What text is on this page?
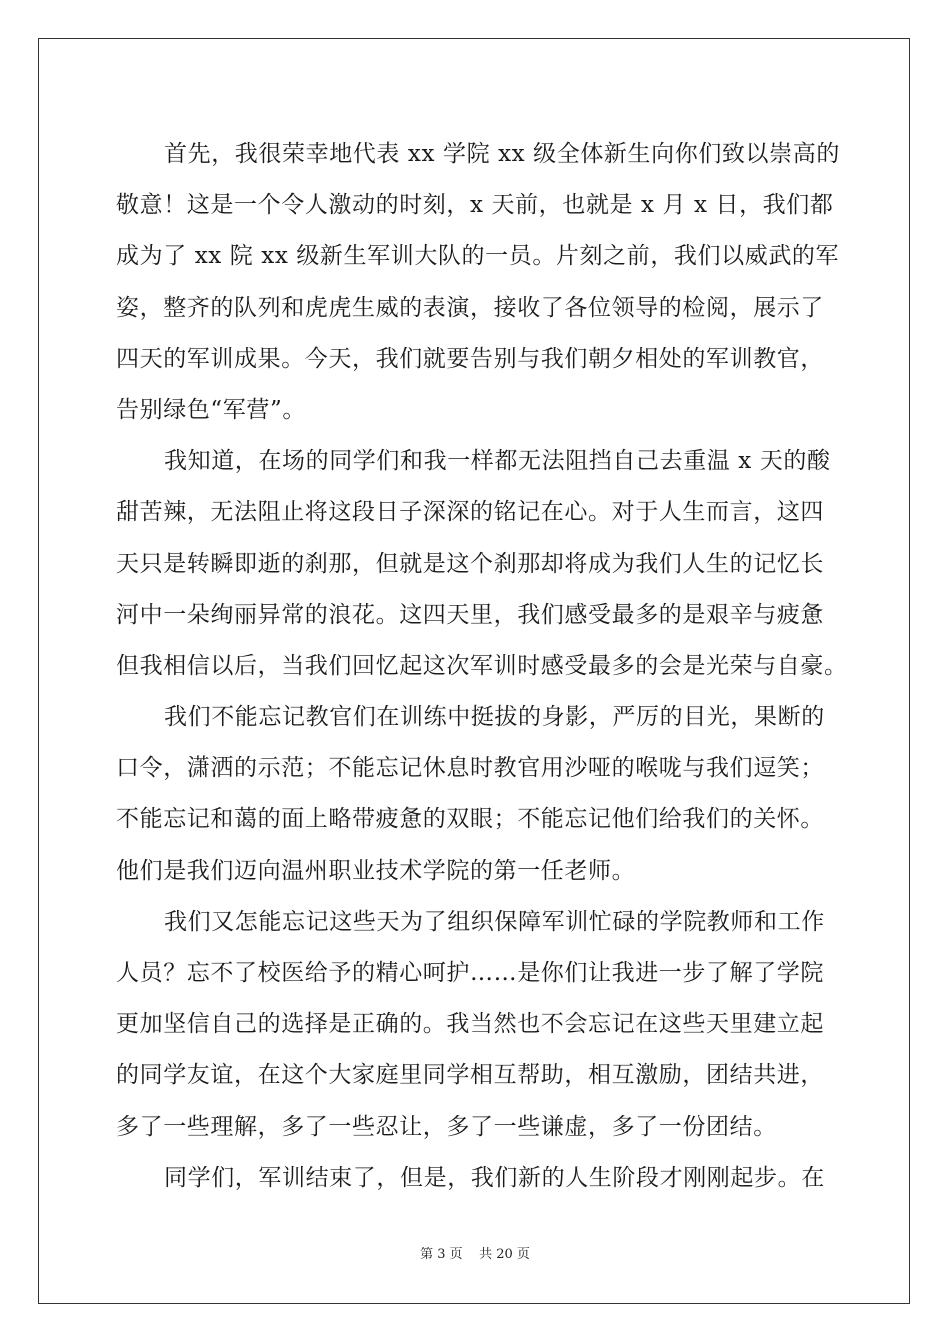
首先，我很荣幸地代表 xx 学院 xx 级全体新生向你们致以崇高的
敬意！这是一个令人激动的时刻，x 天前，也就是 x 月 x 日，我们都
成为了 xx 院 xx 级新生军训大队的一员。片刻之前，我们以威武的军
姿，整齐的队列和虎虎生威的表演，接收了各位领导的检阅，展示了
四天的军训成果。今天，我们就要告别与我们朝夕相处的军训教官，
告别绿色“军营”。
我知道，在场的同学们和我一样都无法阻挡自己去重温 x 天的酸
甜苦辣，无法阻止将这段日子深深的铭记在心。对于人生而言，这四
天只是转瞬即逝的刹那，但就是这个刹那却将成为我们人生的记忆长
河中一朵绚丽异常的浪花。这四天里，我们感受最多的是艰辛与疲惫
但我相信以后，当我们回忆起这次军训时感受最多的会是光荣与自豪。
我们不能忘记教官们在训练中挺拔的身影，严厉的目光，果断的
口令，潇洒的示范；不能忘记休息时教官用沙哑的喉咙与我们逗笑；
不能忘记和蔼的面上略带疲惫的双眼；不能忘记他们给我们的关怀。
他们是我们迈向温州职业技术学院的第一任老师。
我们又怎能忘记这些天为了组织保障军训忙碌的学院教师和工作
人员？忘不了校医给予的精心呵护……是你们让我进一步了解了学院
更加坚信自己的选择是正确的。我当然也不会忘记在这些天里建立起
的同学友谊，在这个大家庭里同学相互帮助，相互激励，团结共进，
多了一些理解，多了一些忍让，多了一些谦虚，多了一份团结。
同学们，军训结束了，但是，我们新的人生阶段才刚刚起步。在
第 3 页    共 20 页
